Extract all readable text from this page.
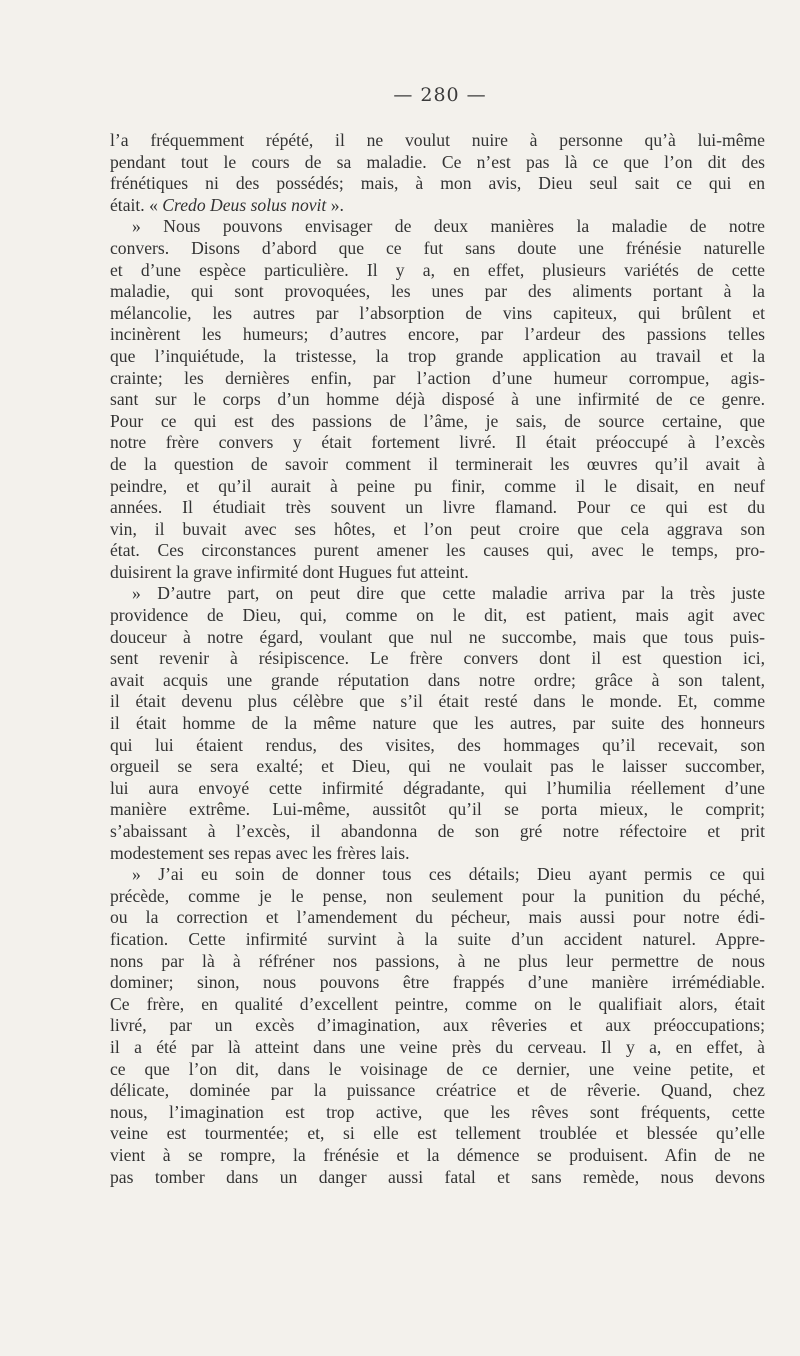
— 280 —
l’a fréquemment répété, il ne voulut nuire à personne qu’à lui-même
pendant tout le cours de sa maladie. Ce n’est pas là ce que l’on dit des
frénétiques ni des possédés; mais, à mon avis, Dieu seul sait ce qui en
était. « Credo Deus solus novit ».
» Nous pouvons envisager de deux manières la maladie de notre
convers. Disons d’abord que ce fut sans doute une frénésie naturelle
et d’une espèce particulière. Il y a, en effet, plusieurs variétés de cette
maladie, qui sont provoquées, les unes par des aliments portant à la
mélancolie, les autres par l’absorption de vins capiteux, qui brûlent et
incinèrent les humeurs; d’autres encore, par l’ardeur des passions telles
que l’inquiétude, la tristesse, la trop grande application au travail et la
crainte; les dernières enfin, par l’action d’une humeur corrompue, agis-
sant sur le corps d’un homme déjà disposé à une infirmité de ce genre.
Pour ce qui est des passions de l’âme, je sais, de source certaine, que
notre frère convers y était fortement livré. Il était préoccupé à l’excès
de la question de savoir comment il terminerait les œuvres qu’il avait à
peindre, et qu’il aurait à peine pu finir, comme il le disait, en neuf
années. Il étudiait très souvent un livre flamand. Pour ce qui est du
vin, il buvait avec ses hôtes, et l’on peut croire que cela aggrava son
état. Ces circonstances purent amener les causes qui, avec le temps, pro-
duisirent la grave infirmité dont Hugues fut atteint.
» D’autre part, on peut dire que cette maladie arriva par la très juste
providence de Dieu, qui, comme on le dit, est patient, mais agit avec
douceur à notre égard, voulant que nul ne succombe, mais que tous puis-
sent revenir à résipiscence. Le frère convers dont il est question ici,
avait acquis une grande réputation dans notre ordre; grâce à son talent,
il était devenu plus célèbre que s’il était resté dans le monde. Et, comme
il était homme de la même nature que les autres, par suite des honneurs
qui lui étaient rendus, des visites, des hommages qu’il recevait, son
orgueil se sera exalté; et Dieu, qui ne voulait pas le laisser succomber,
lui aura envoyé cette infirmité dégradante, qui l’humilia réellement d’une
manière extrême. Lui-même, aussitôt qu’il se porta mieux, le comprit;
s’abaissant à l’excès, il abandonna de son gré notre réfectoire et prit
modestement ses repas avec les frères lais.
» J’ai eu soin de donner tous ces détails; Dieu ayant permis ce qui
précède, comme je le pense, non seulement pour la punition du péché,
ou la correction et l’amendement du pécheur, mais aussi pour notre édi-
fication. Cette infirmité survint à la suite d’un accident naturel. Appre-
nons par là à réfréner nos passions, à ne plus leur permettre de nous
dominer; sinon, nous pouvons être frappés d’une manière irrémédiable.
Ce frère, en qualité d’excellent peintre, comme on le qualifiait alors, était
livré, par un excès d’imagination, aux rêveries et aux préoccupations;
il a été par là atteint dans une veine près du cerveau. Il y a, en effet, à
ce que l’on dit, dans le voisinage de ce dernier, une veine petite, et
délicate, dominée par la puissance créatrice et de rêverie. Quand, chez
nous, l’imagination est trop active, que les rêves sont fréquents, cette
veine est tourmentée; et, si elle est tellement troublée et blessée qu’elle
vient à se rompre, la frénésie et la démence se produisent. Afin de ne
pas tomber dans un danger aussi fatal et sans remède, nous devons
